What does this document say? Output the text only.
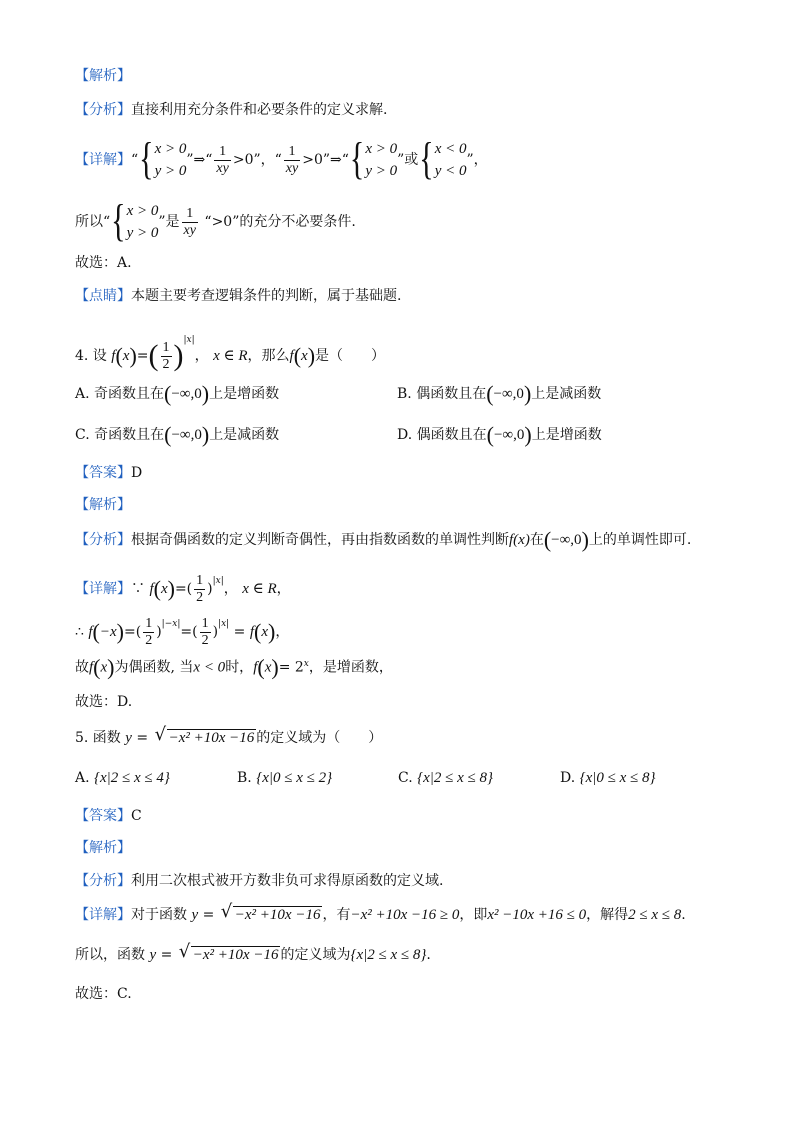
【解析】
【分析】直接利用充分条件和必要条件的定义求解.
【详解】“{ x > 0
y > 0
”⇒“ $\frac{1}{xy} >0$”，“ $\frac{1}{xy}$ >0”⇒“{ x > 0
y > 0
”或{ x < 0
y < 0
”，
所以“{ x > 0
y > 0
”是 $\frac{1}{xy}$ “>0”的充分不必要条件.
故选：A.
【点睛】本题主要考查逻辑条件的判断，属于基础题.
4. 设 $f(x)=( \frac{1}{2} )^{|x|}$， x ∈ R，那么f(x)是（　　）
A. 奇函数且在(−∞,0)上是增函数	B. 偶函数且在(−∞,0)上是减函数
C. 奇函数且在(−∞,0)上是减函数	D. 偶函数且在(−∞,0)上是增函数
【答案】D
【解析】
【分析】根据奇偶函数的定义判断奇偶性，再由指数函数的单调性判断f(x)在(−∞,0)上的单调性即可.
【详解】∵ $f(x)=( \frac{1}{2} )^{|x|}$， x ∈ R，
∴ $f(-x)=( \frac{1}{2} )^{|-x|}=( \frac{1}{2} )^{|x|} = f(x)$，
故f(x)为偶函数, 当x < 0时，$f(x)= 2^x$，是增函数，
故选：D.
5. 函数 y = √ −x² +10x −16 的定义域为（　　）
A. {x|2 ≤ x ≤ 4}	B. {x|0 ≤ x ≤ 2}	C. {x|2 ≤ x ≤ 8}	D. {x|0 ≤ x ≤ 8}
【答案】C
【解析】
【分析】利用二次根式被开方数非负可求得原函数的定义域.
【详解】对于函数 y = √ −x² +10x −16 ，有−x² +10x −16 ≥ 0，即x² −10x +16 ≤ 0，解得2 ≤ x ≤ 8.
所以，函数 y = √ −x² +10x −16 的定义域为{x|2 ≤ x ≤ 8}.
故选：C.
